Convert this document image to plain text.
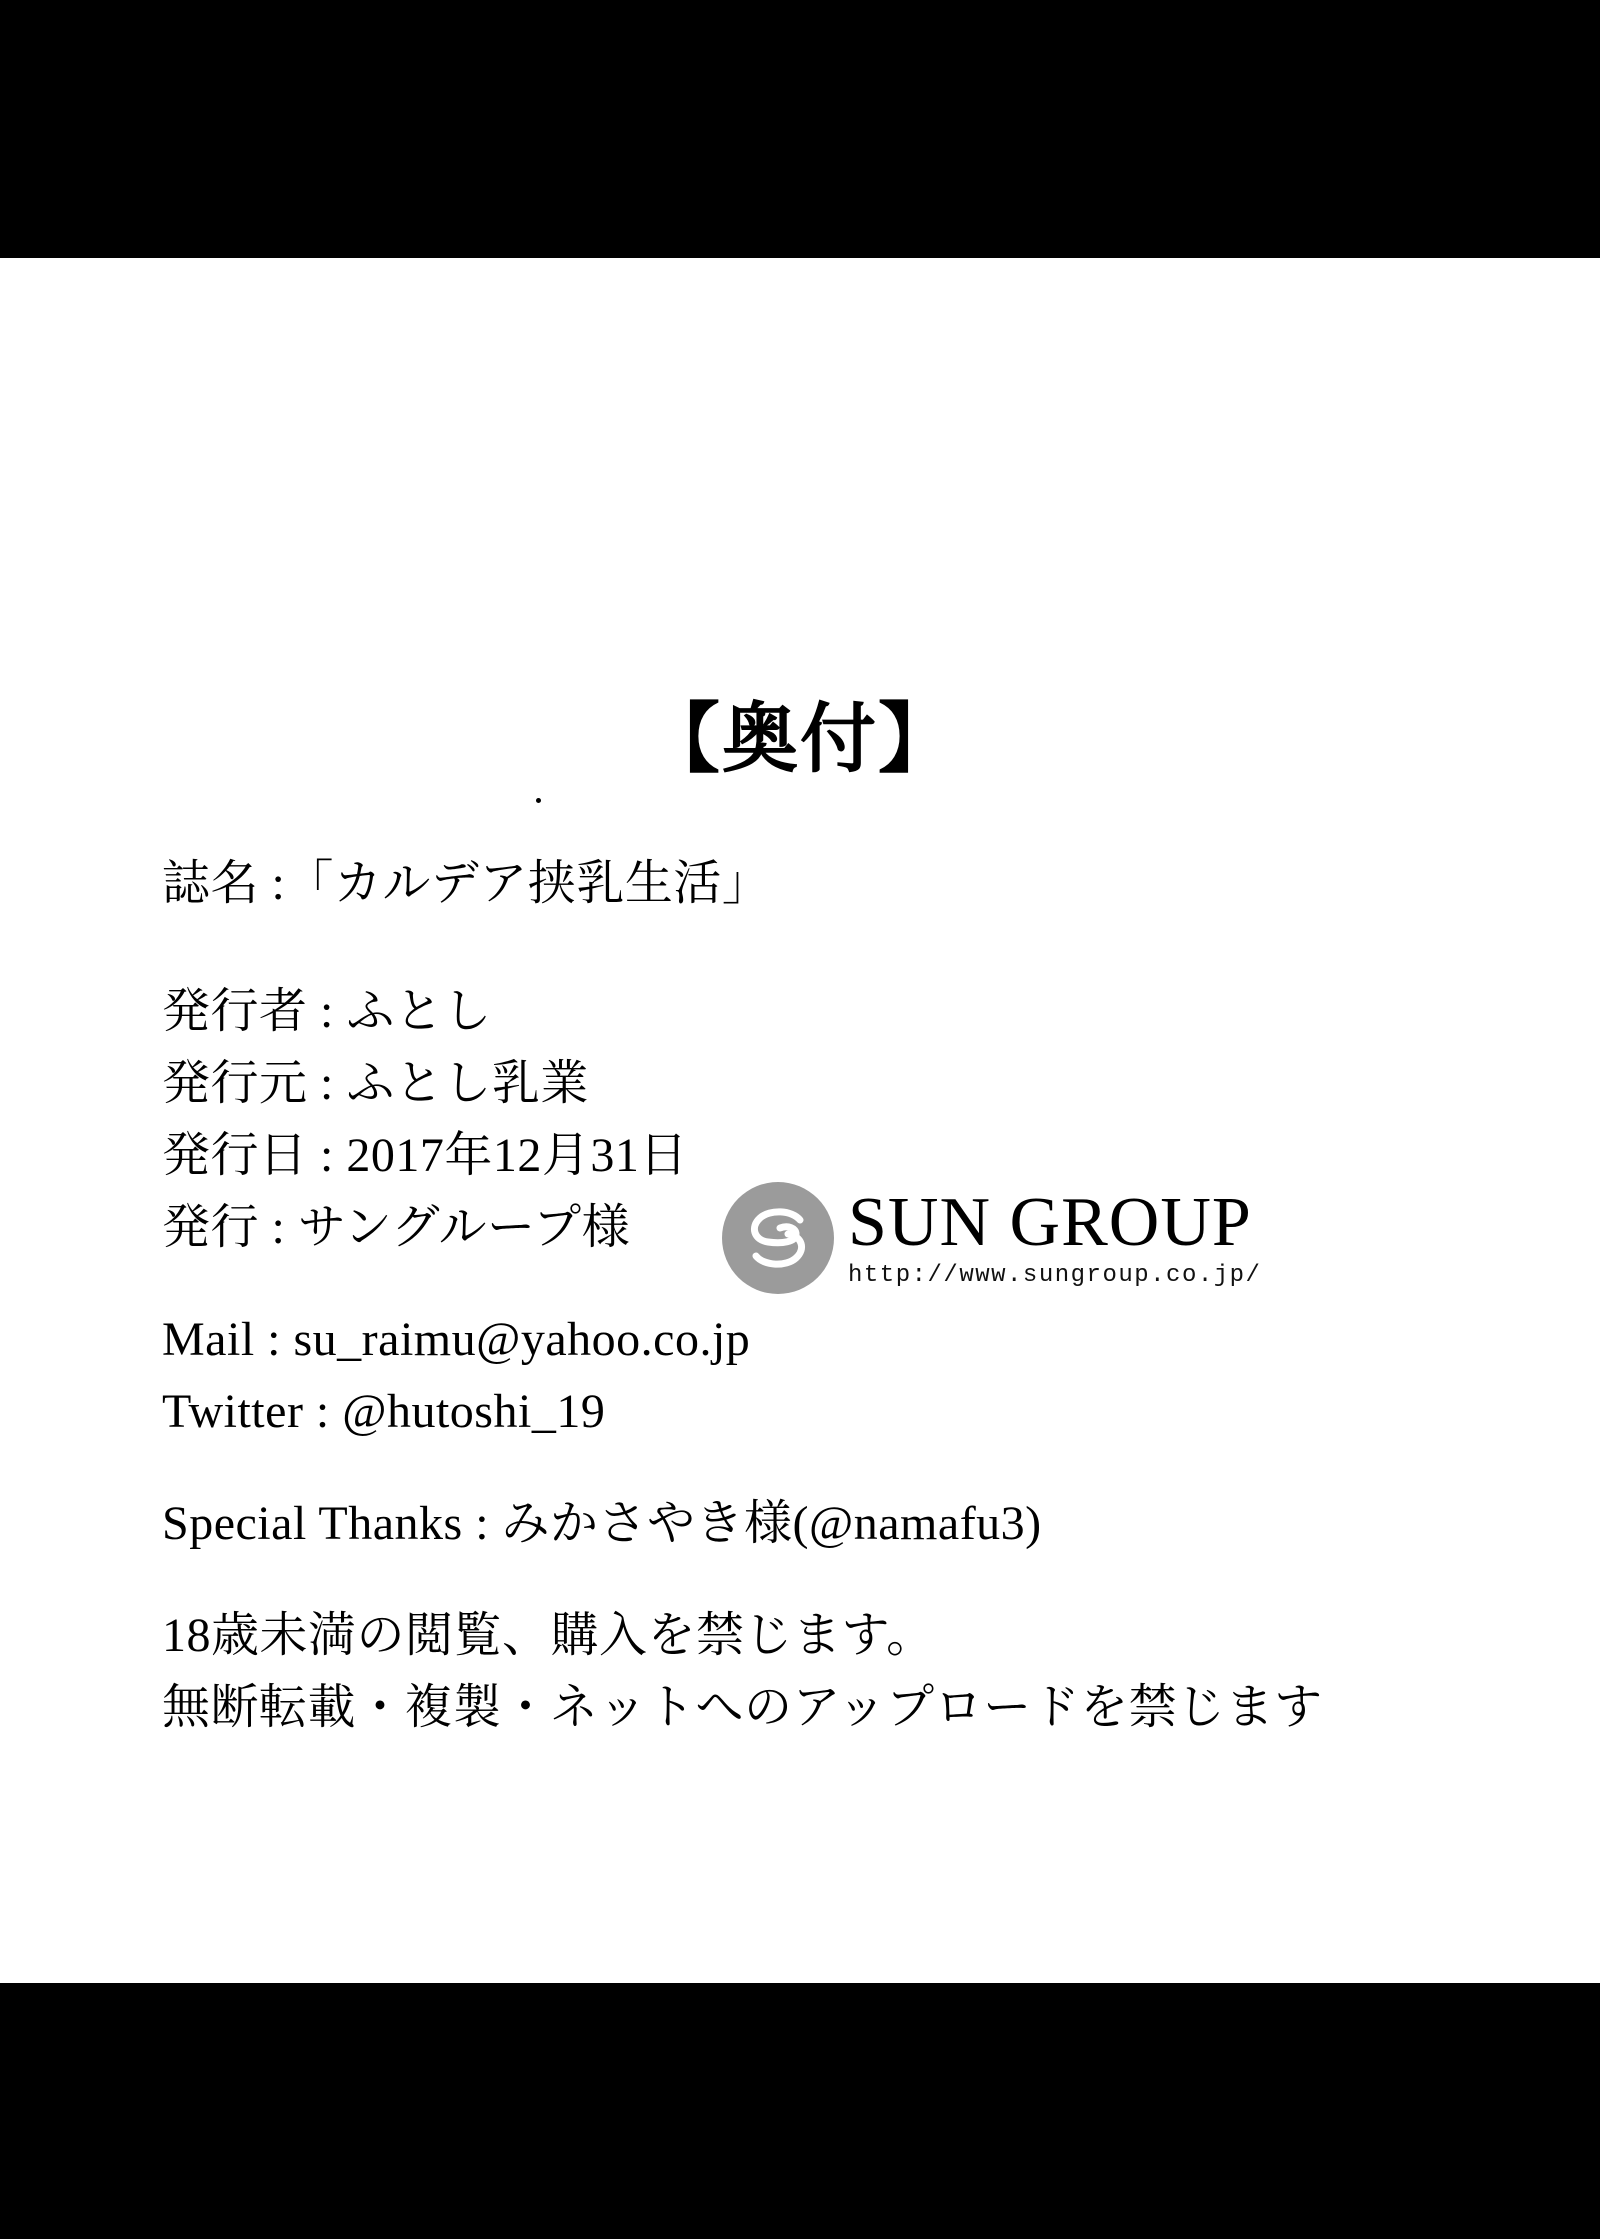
【奥付】
誌名 :「カルデア挟乳生活」
発行者 : ふとし
発行元 : ふとし乳業
発行日 : 2017年12月31日
発行 : サングループ様	SUN GROUP
http://www.sungroup.co.jp/
Mail : su_raimu@yahoo.co.jp
Twitter : @hutoshi_19
Special Thanks : みかさやき様(@namafu3)
18歳未満の閲覧、購入を禁じます。
無断転載・複製・ネットへのアップロードを禁じます
